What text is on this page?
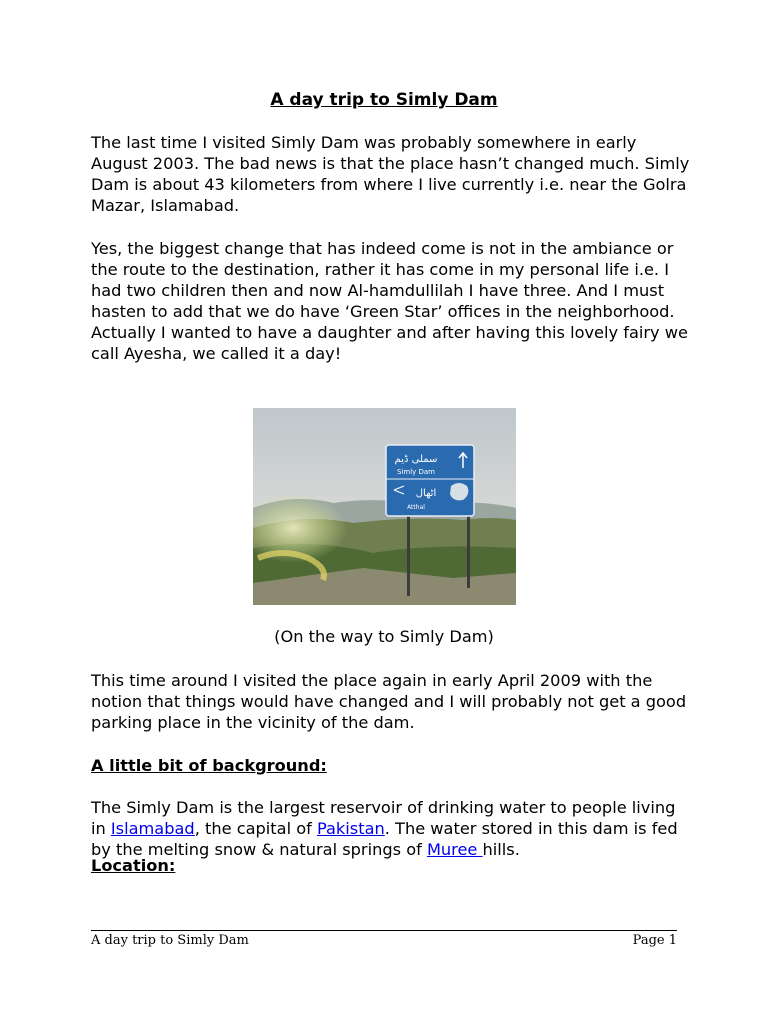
A day trip to Simly Dam

The last time I visited Simly Dam was probably somewhere in early August 2003. The bad news is that the place hasn’t changed much. Simly Dam is about 43 kilometers from where I live currently i.e. near the Golra Mazar, Islamabad.

Yes, the biggest change that has indeed come is not in the ambiance or the route to the destination, rather it has come in my personal life i.e. I had two children then and now Al-hamdullilah I have three. And I must hasten to add that we do have ‘Green Star’ offices in the neighborhood. Actually I wanted to have a daughter and after having this lovely fairy we call Ayesha, we called it a day!

سملی ڈیم
Simly Dam
اٹھال
Atthal
(On the way to Simly Dam)

This time around I visited the place again in early April 2009 with the notion that things would have changed and I will probably not get a good parking place in the vicinity of the dam.

A little bit of background:

The Simly Dam is the largest reservoir of drinking water to people living in Islamabad, the capital of Pakistan. The water stored in this dam is fed by the melting snow & natural springs of Muree hills.

Location:
A day trip to Simly Dam	Page 1
